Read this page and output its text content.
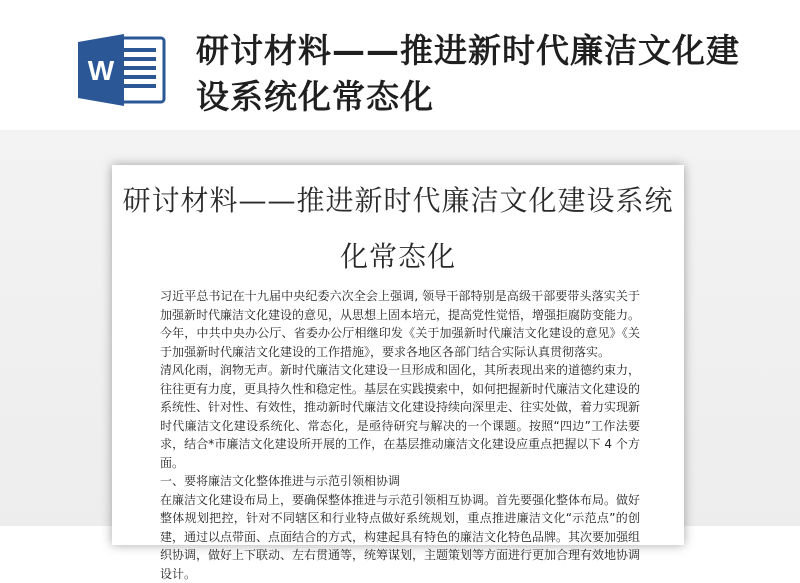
W
研讨材料——推进新时代廉洁文化建设系统化常态化
研讨材料——推进新时代廉洁文化建设系统化常态化

习近平总书记在十九届中央纪委六次全会上强调, 领导干部特别是高级干部要带头落实关于加强新时代廉洁文化建设的意见，从思想上固本培元，提高党性觉悟，增强拒腐防变能力。今年，中共中央办公厅、省委办公厅相继印发《关于加强新时代廉洁文化建设的意见》《关于加强新时代廉洁文化建设的工作措施》，要求各地区各部门结合实际认真贯彻落实。

清风化雨，润物无声。新时代廉洁文化建设一旦形成和固化，其所表现出来的道德约束力，往往更有力度，更具持久性和稳定性。基层在实践摸索中，如何把握新时代廉洁文化建设的系统性、针对性、有效性，推动新时代廉洁文化建设持续向深里走、往实处做，着力实现新时代廉洁文化建设系统化、常态化，是亟待研究与解决的一个课题。按照“四边”工作法要求，结合*市廉洁文化建设所开展的工作，在基层推动廉洁文化建设应重点把握以下 4 个方面。

一、要将廉洁文化整体推进与示范引领相协调

在廉洁文化建设布局上，要确保整体推进与示范引领相互协调。首先要强化整体布局。做好整体规划把控，针对不同辖区和行业特点做好系统规划，重点推进廉洁文化“示范点”的创建，通过以点带面、点面结合的方式，构建起具有特色的廉洁文化特色品牌。其次要加强组织协调，做好上下联动、左右贯通等，统筹谋划，主题策划等方面进行更加合理有效地协调设计。
